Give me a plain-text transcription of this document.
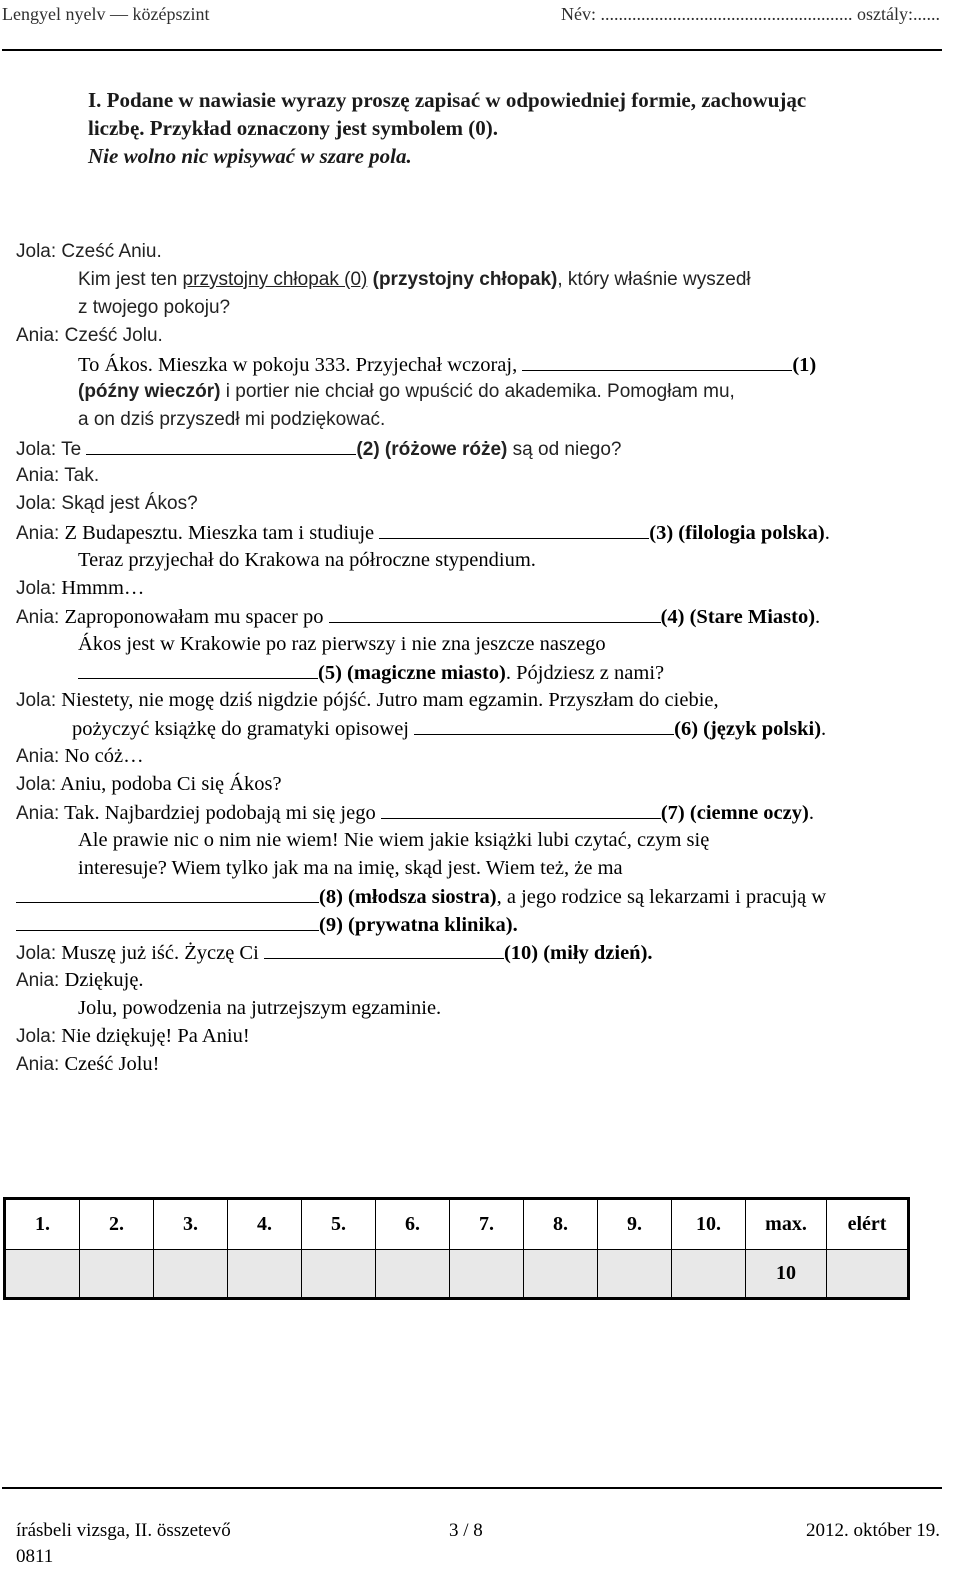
Lengyel nyelv — középszint	Név: ........................................................ osztály:......
I. Podane w nawiasie wyrazy proszę zapisać w odpowiedniej formie, zachowując
liczbę. Przykład oznaczony jest symbolem (0).
Nie wolno nic wpisywać w szare pola.
Jola: Cześć Aniu.
Kim jest ten przystojny chłopak (0) (przystojny chłopak), który właśnie wyszedł
z twojego pokoju?
Ania: Cześć Jolu.
To Ákos. Mieszka w pokoju 333. Przyjechał wczoraj,	(1)
(późny wieczór) i portier nie chciał go wpuścić do akademika. Pomogłam mu,
a on dziś przyszedł mi podziękować.
Jola: Te	(2) (różowe róże) są od niego?
Ania: Tak.
Jola: Skąd jest Ákos?
Ania: Z Budapesztu. Mieszka tam i studiuje	(3) (filologia polska).
Teraz przyjechał do Krakowa na półroczne stypendium.
Jola: Hmmm…
Ania: Zaproponowałam mu spacer po	(4) (Stare Miasto).
Ákos jest w Krakowie po raz pierwszy i nie zna jeszcze naszego
(5) (magiczne miasto). Pójdziesz z nami?
Jola: Niestety, nie mogę dziś nigdzie pójść. Jutro mam egzamin. Przyszłam do ciebie,
pożyczyć książkę do gramatyki opisowej	(6) (język polski).
Ania: No cóż…
Jola: Aniu, podoba Ci się Ákos?
Ania: Tak. Najbardziej podobają mi się jego	(7) (ciemne oczy).
Ale prawie nic o nim nie wiem! Nie wiem jakie książki lubi czytać, czym się
interesuje? Wiem tylko jak ma na imię, skąd jest. Wiem też, że ma
(8) (młodsza siostra), a jego rodzice są lekarzami i pracują w
(9) (prywatna klinika).
Jola: Muszę już iść. Życzę Ci	(10) (miły dzień).
Ania: Dziękuję.
Jolu, powodzenia na jutrzejszym egzaminie.
Jola: Nie dziękuję! Pa Aniu!
Ania: Cześć Jolu!
1.	2.	3.	4.	5.	6.	7.	8.	9.	10.	max.	elért
										10	
írásbeli vizsga, II. összetevő	3 / 8	2012. október 19.
0811
